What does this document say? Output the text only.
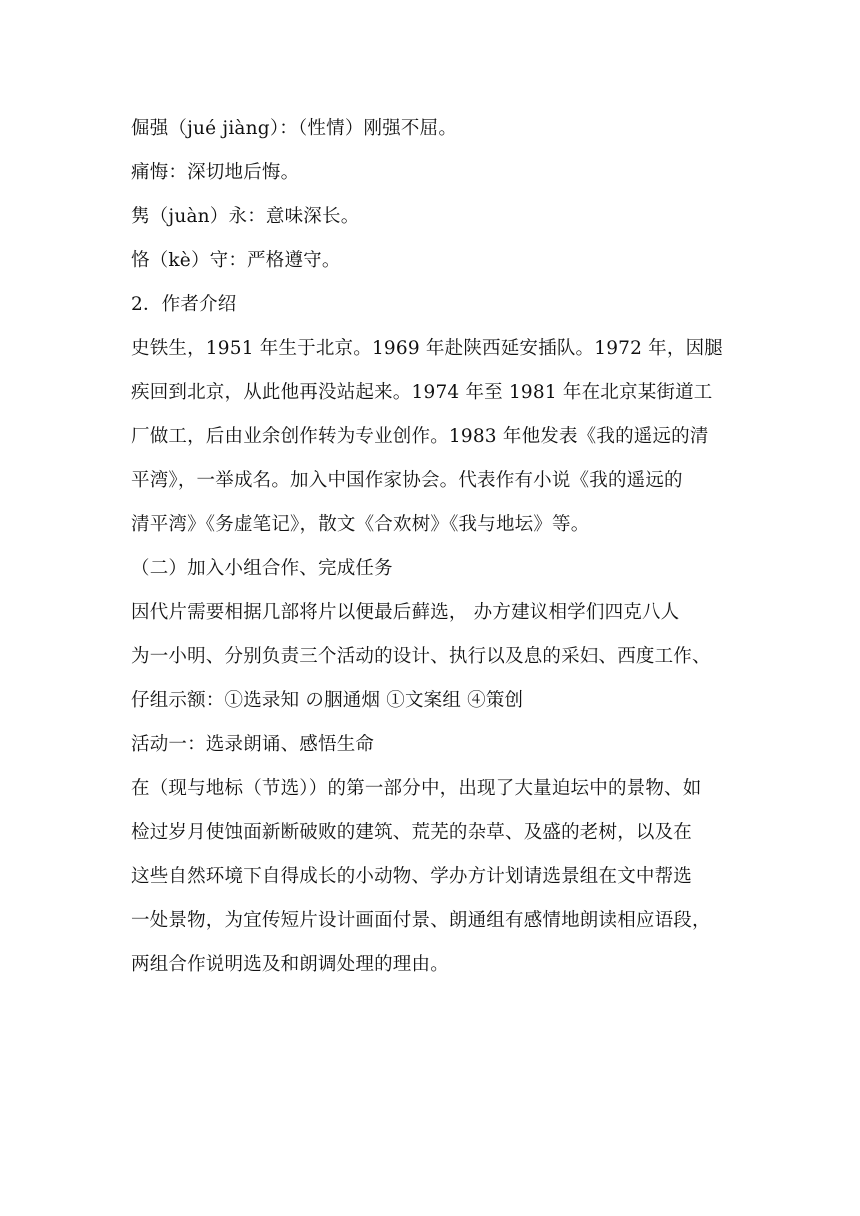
倔强（jué jiàng）：（性情）刚强不屈。
痛悔：深切地后悔。
隽（juàn）永：意味深长。
恪（kè）守：严格遵守。
2．作者介绍
史铁生，1951 年生于北京。1969 年赴陕西延安插队。1972 年，因腿
疾回到北京，从此他再没站起来。1974 年至 1981 年在北京某街道工
厂做工，后由业余创作转为专业创作。1983 年他发表《我的遥远的清
平湾》，一举成名。加入中国作家协会。代表作有小说《我的遥远的
清平湾》《务虚笔记》，散文《合欢树》《我与地坛》等。
（二）加入小组合作、完成任务
因代片需要相据几部将片以便最后藓选， 办方建议相学们四克八人
为一小明、分别负责三个活动的设计、执行以及息的采妇、西度工作、
仔组示额：①选录知 の胭通烟 ①文案组 ④策创
活动一：选录朗诵、感悟生命
在（现与地标（节选））的第一部分中，出现了大量迫坛中的景物、如
检过岁月使蚀面新断破败的建筑、荒芜的杂草、及盛的老树，以及在
这些自然环境下自得成长的小动物、学办方计划请选景组在文中帮选
一处景物，为宜传短片设计画面付景、朗通组有感情地朗读相应语段，
两组合作说明选及和朗调处理的理由。
